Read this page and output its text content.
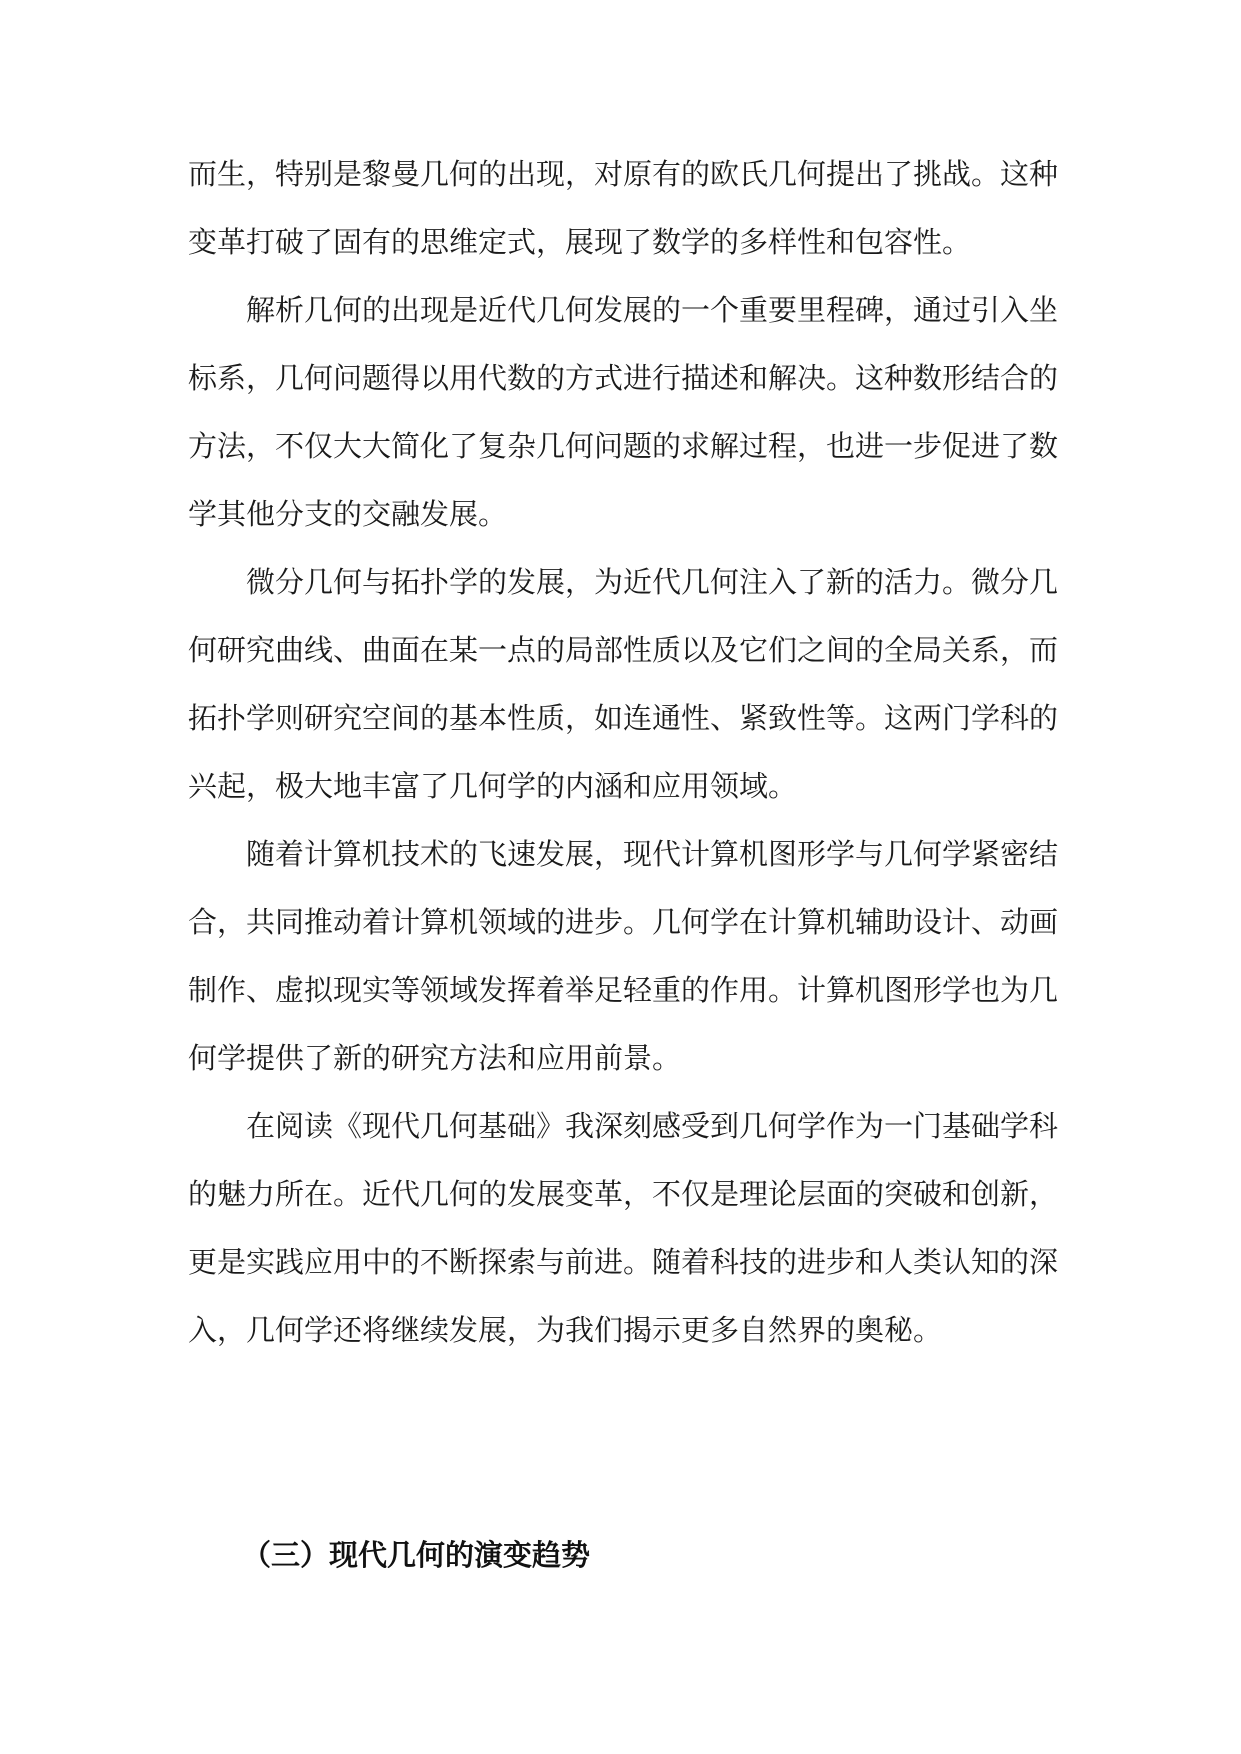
而生，特别是黎曼几何的出现，对原有的欧氏几何提出了挑战。这种
变革打破了固有的思维定式，展现了数学的多样性和包容性。
解析几何的出现是近代几何发展的一个重要里程碑，通过引入坐
标系，几何问题得以用代数的方式进行描述和解决。这种数形结合的
方法，不仅大大简化了复杂几何问题的求解过程，也进一步促进了数
学其他分支的交融发展。
微分几何与拓扑学的发展，为近代几何注入了新的活力。微分几
何研究曲线、曲面在某一点的局部性质以及它们之间的全局关系，而
拓扑学则研究空间的基本性质，如连通性、紧致性等。这两门学科的
兴起，极大地丰富了几何学的内涵和应用领域。
随着计算机技术的飞速发展，现代计算机图形学与几何学紧密结
合，共同推动着计算机领域的进步。几何学在计算机辅助设计、动画
制作、虚拟现实等领域发挥着举足轻重的作用。计算机图形学也为几
何学提供了新的研究方法和应用前景。
在阅读《现代几何基础》我深刻感受到几何学作为一门基础学科
的魅力所在。近代几何的发展变革，不仅是理论层面的突破和创新，
更是实践应用中的不断探索与前进。随着科技的进步和人类认知的深
入，几何学还将继续发展，为我们揭示更多自然界的奥秘。
（三）现代几何的演变趋势
